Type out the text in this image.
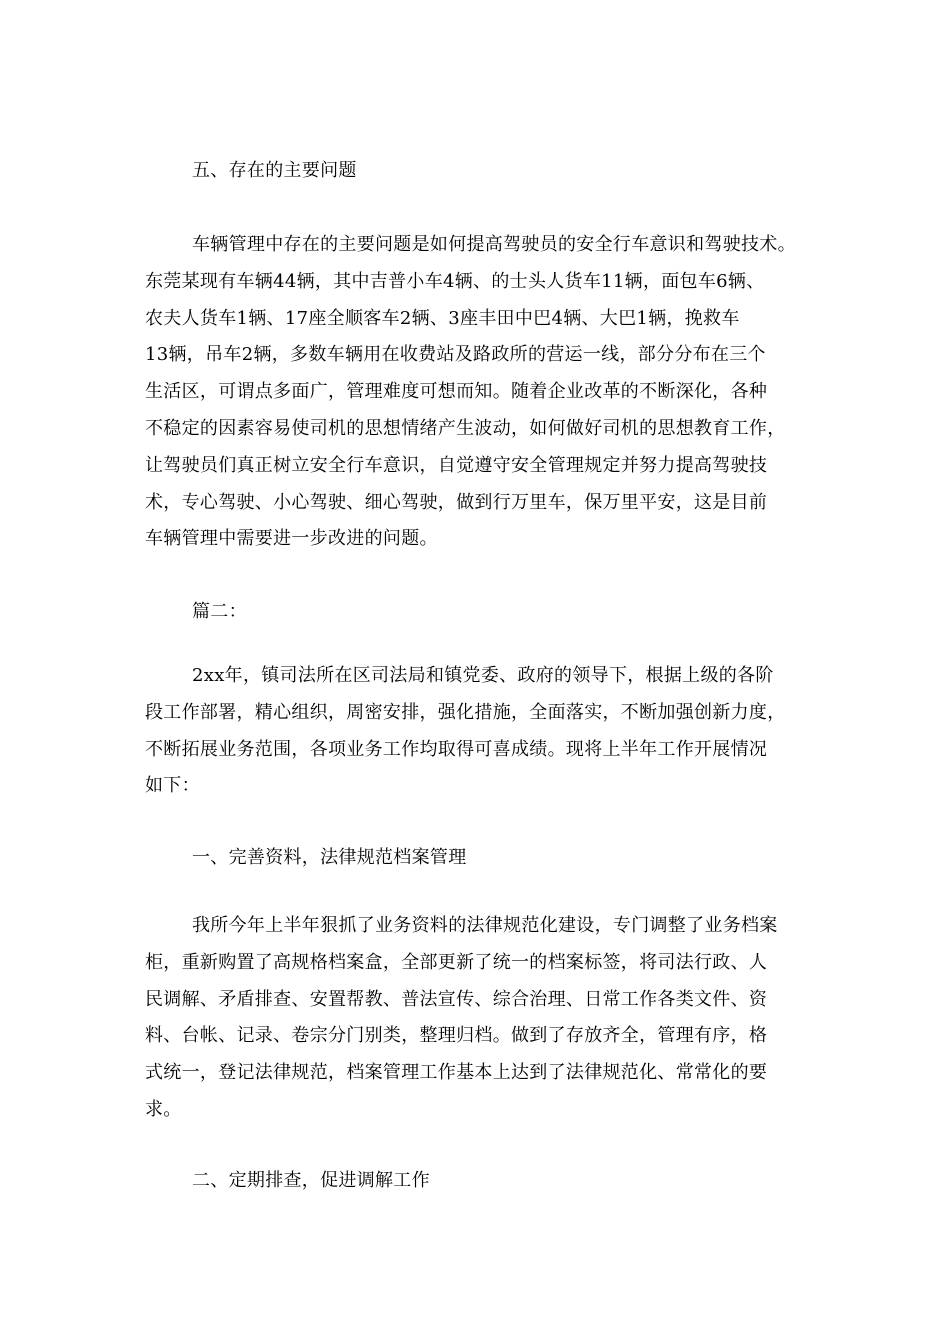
五、存在的主要问题
车辆管理中存在的主要问题是如何提高驾驶员的安全行车意识和驾驶技术。
东莞某现有车辆44辆，其中吉普小车4辆、的士头人货车11辆，面包车6辆、
农夫人货车1辆、17座全顺客车2辆、3座丰田中巴4辆、大巴1辆，挽救车
13辆，吊车2辆，多数车辆用在收费站及路政所的营运一线，部分分布在三个
生活区，可谓点多面广，管理难度可想而知。随着企业改革的不断深化，各种
不稳定的因素容易使司机的思想情绪产生波动，如何做好司机的思想教育工作，
让驾驶员们真正树立安全行车意识，自觉遵守安全管理规定并努力提高驾驶技
术，专心驾驶、小心驾驶、细心驾驶，做到行万里车，保万里平安，这是目前
车辆管理中需要进一步改进的问题。
篇二：
2xx年，镇司法所在区司法局和镇党委、政府的领导下，根据上级的各阶
段工作部署，精心组织，周密安排，强化措施，全面落实，不断加强创新力度，
不断拓展业务范围，各项业务工作均取得可喜成绩。现将上半年工作开展情况
如下：
一、完善资料，法律规范档案管理
我所今年上半年狠抓了业务资料的法律规范化建设，专门调整了业务档案
柜，重新购置了高规格档案盒，全部更新了统一的档案标签，将司法行政、人
民调解、矛盾排查、安置帮教、普法宣传、综合治理、日常工作各类文件、资
料、台帐、记录、卷宗分门别类，整理归档。做到了存放齐全，管理有序，格
式统一，登记法律规范，档案管理工作基本上达到了法律规范化、常常化的要
求。
二、定期排查，促进调解工作
